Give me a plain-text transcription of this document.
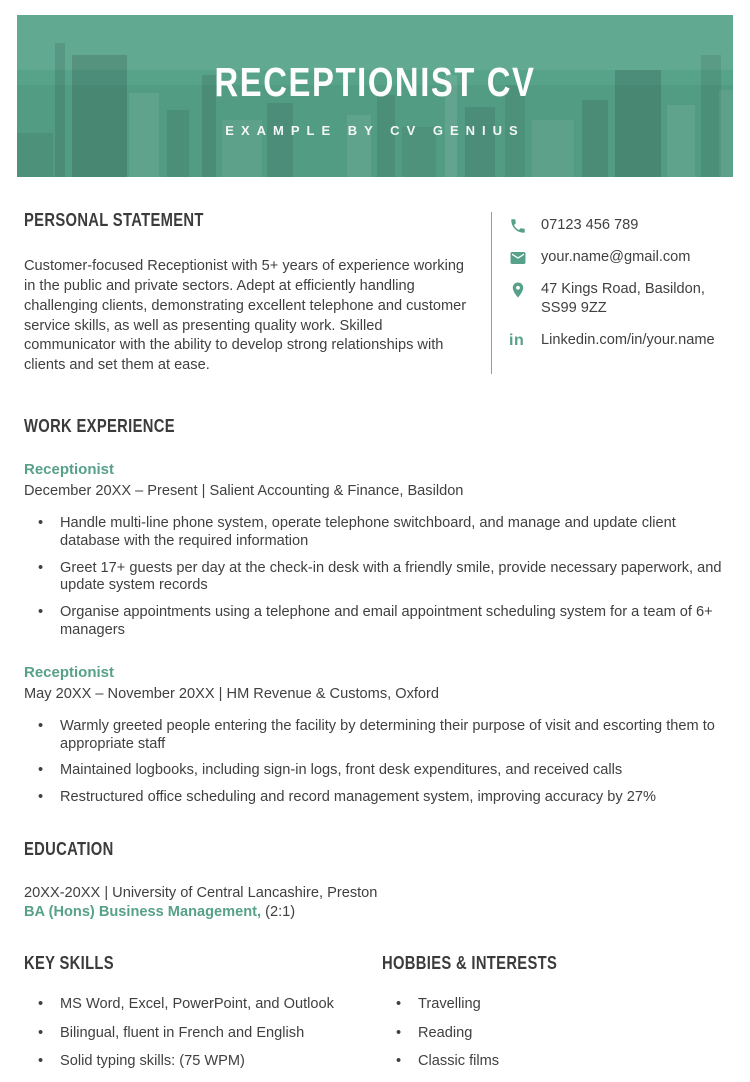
RECEPTIONIST CV
EXAMPLE BY CV GENIUS
PERSONAL STATEMENT

Customer-focused Receptionist with 5+ years of experience working in the public and private sectors. Adept at efficiently handling challenging clients, demonstrating excellent telephone and customer service skills, as well as presenting quality work. Skilled communicator with the ability to develop strong relationships with clients and set them at ease.

07123 456 789
your.name@gmail.com
47 Kings Road, Basildon, SS99 9ZZ
in Linkedin.com/in/your.name
WORK EXPERIENCE
Receptionist
December 20XX – Present | Salient Accounting & Finance, Basildon
• Handle multi-line phone system, operate telephone switchboard, and manage and update client database with the required information
• Greet 17+ guests per day at the check-in desk with a friendly smile, provide necessary paperwork, and update system records
• Organise appointments using a telephone and email appointment scheduling system for a team of 6+ managers
Receptionist
May 20XX – November 20XX | HM Revenue & Customs, Oxford
• Warmly greeted people entering the facility by determining their purpose of visit and escorting them to appropriate staff
• Maintained logbooks, including sign-in logs, front desk expenditures, and received calls
• Restructured office scheduling and record management system, improving accuracy by 27%
EDUCATION
20XX-20XX | University of Central Lancashire, Preston
BA (Hons) Business Management, (2:1)
KEY SKILLS
• MS Word, Excel, PowerPoint, and Outlook
• Bilingual, fluent in French and English
• Solid typing skills: (75 WPM)
HOBBIES & INTERESTS
• Travelling
• Reading
• Classic films
